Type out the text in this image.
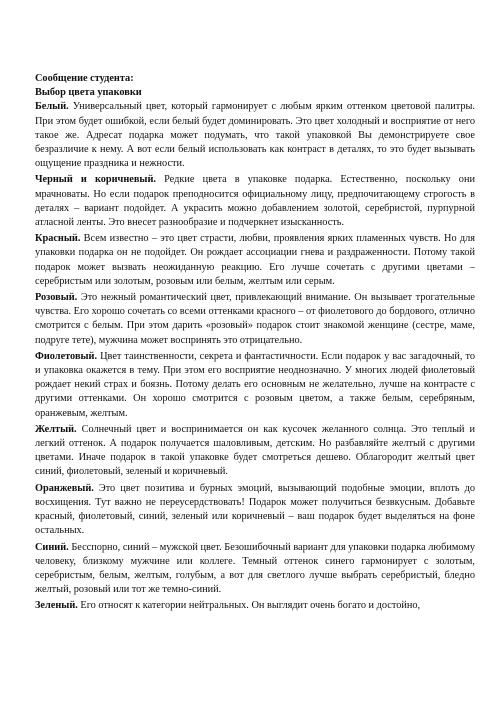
Сообщение студента:

Выбор цвета упаковки

Белый. Универсальный цвет, который гармонирует с любым ярким оттенком цветовой палитры. При этом будет ошибкой, если белый будет доминировать. Это цвет холодный и восприятие от него такое же. Адресат подарка может подумать, что такой упаковкой Вы демонстрируете свое безразличие к нему. А вот если белый использовать как контраст в деталях, то это будет вызывать ощущение праздника и нежности.

Черный и коричневый. Редкие цвета в упаковке подарка. Естественно, поскольку они мрачноваты. Но если подарок преподносится официальному лицу, предпочитающему строгость в деталях – вариант подойдет. А украсить можно добавлением золотой, серебристой, пурпурной атласной ленты. Это внесет разнообразие и подчеркнет изысканность.

Красный. Всем известно – это цвет страсти, любви, проявления ярких пламенных чувств. Но для упаковки подарка он не подойдет. Он рождает ассоциации гнева и раздраженности. Потому такой подарок может вызвать неожиданную реакцию. Его лучше сочетать с другими цветами – серебристым или золотым, розовым или белым, желтым или серым.

Розовый. Это нежный романтический цвет, привлекающий внимание. Он вызывает трогательные чувства. Его хорошо сочетать со всеми оттенками красного – от фиолетового до бордового, отлично смотрится с белым. При этом дарить «розовый» подарок стоит знакомой женщине (сестре, маме, подруге тете), мужчина может воспринять это отрицательно.

Фиолетовый. Цвет таинственности, секрета и фантастичности. Если подарок у вас загадочный, то и упаковка окажется в тему. При этом его восприятие неоднозначно. У многих людей фиолетовый рождает некий страх и боязнь. Потому делать его основным не желательно, лучше на контрасте с другими оттенками. Он хорошо смотрится с розовым цветом, а также белым, серебряным, оранжевым, желтым.

Желтый. Солнечный цвет и воспринимается он как кусочек желанного солнца. Это теплый и легкий оттенок. А подарок получается шаловливым, детским. Но разбавляйте желтый с другими цветами. Иначе подарок в такой упаковке будет смотреться дешево. Облагородит желтый цвет синий, фиолетовый, зеленый и коричневый.

Оранжевый. Это цвет позитива и бурных эмоций, вызывающий подобные эмоции, вплоть до восхищения. Тут важно не переусердствовать! Подарок может получиться безвкусным. Добавьте красный, фиолетовый, синий, зеленый или коричневый – ваш подарок будет выделяться на фоне остальных.

Синий. Бесспорно, синий – мужской цвет. Безошибочный вариант для упаковки подарка любимому человеку, близкому мужчине или коллеге. Темный оттенок синего гармонирует с золотым, серебристым, белым, желтым, голубым, а вот для светлого лучше выбрать серебристый, бледно желтый, розовый или тот же темно-синий.

Зеленый. Его относят к категории нейтральных. Он выглядит очень богато и достойно,
